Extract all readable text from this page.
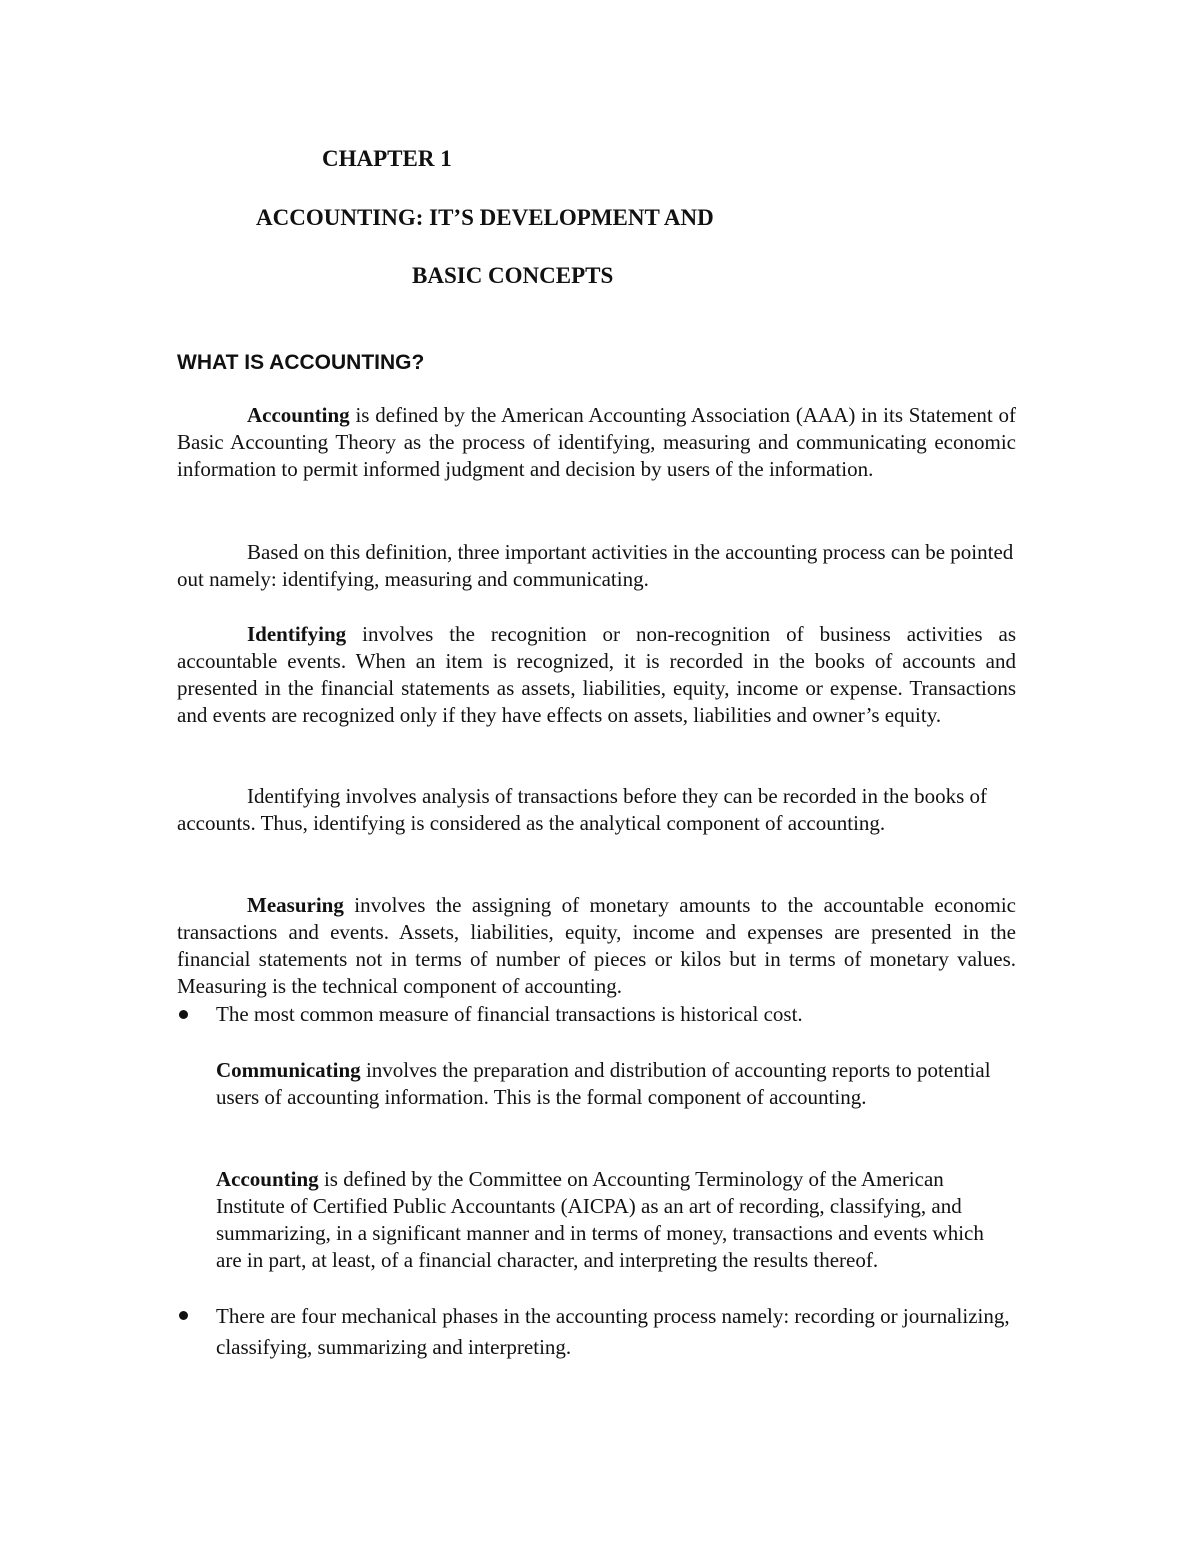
CHAPTER 1
ACCOUNTING: IT’S DEVELOPMENT AND
BASIC CONCEPTS
WHAT IS ACCOUNTING?

Accounting is defined by the American Accounting Association (AAA) in its Statement of Basic Accounting Theory as the process of identifying, measuring and communicating economic information to permit informed judgment and decision by users of the information.

Based on this definition, three important activities in the accounting process can be pointed out namely: identifying, measuring and communicating.

Identifying involves the recognition or non-recognition of business activities as accountable events. When an item is recognized, it is recorded in the books of accounts and presented in the financial statements as assets, liabilities, equity, income or expense. Transactions and events are recognized only if they have effects on assets, liabilities and owner’s equity.

Identifying involves analysis of transactions before they can be recorded in the books of accounts. Thus, identifying is considered as the analytical component of accounting.

Measuring involves the assigning of monetary amounts to the accountable economic transactions and events. Assets, liabilities, equity, income and expenses are presented in the financial statements not in terms of number of pieces or kilos but in terms of monetary values. Measuring is the technical component of accounting.

The most common measure of financial transactions is historical cost.

Communicating involves the preparation and distribution of accounting reports to potential users of accounting information. This is the formal component of accounting.

Accounting is defined by the Committee on Accounting Terminology of the American Institute of Certified Public Accountants (AICPA) as an art of recording, classifying, and summarizing, in a significant manner and in terms of money, transactions and events which are in part, at least, of a financial character, and interpreting the results thereof.

There are four mechanical phases in the accounting process namely: recording or journalizing, classifying, summarizing and interpreting.
